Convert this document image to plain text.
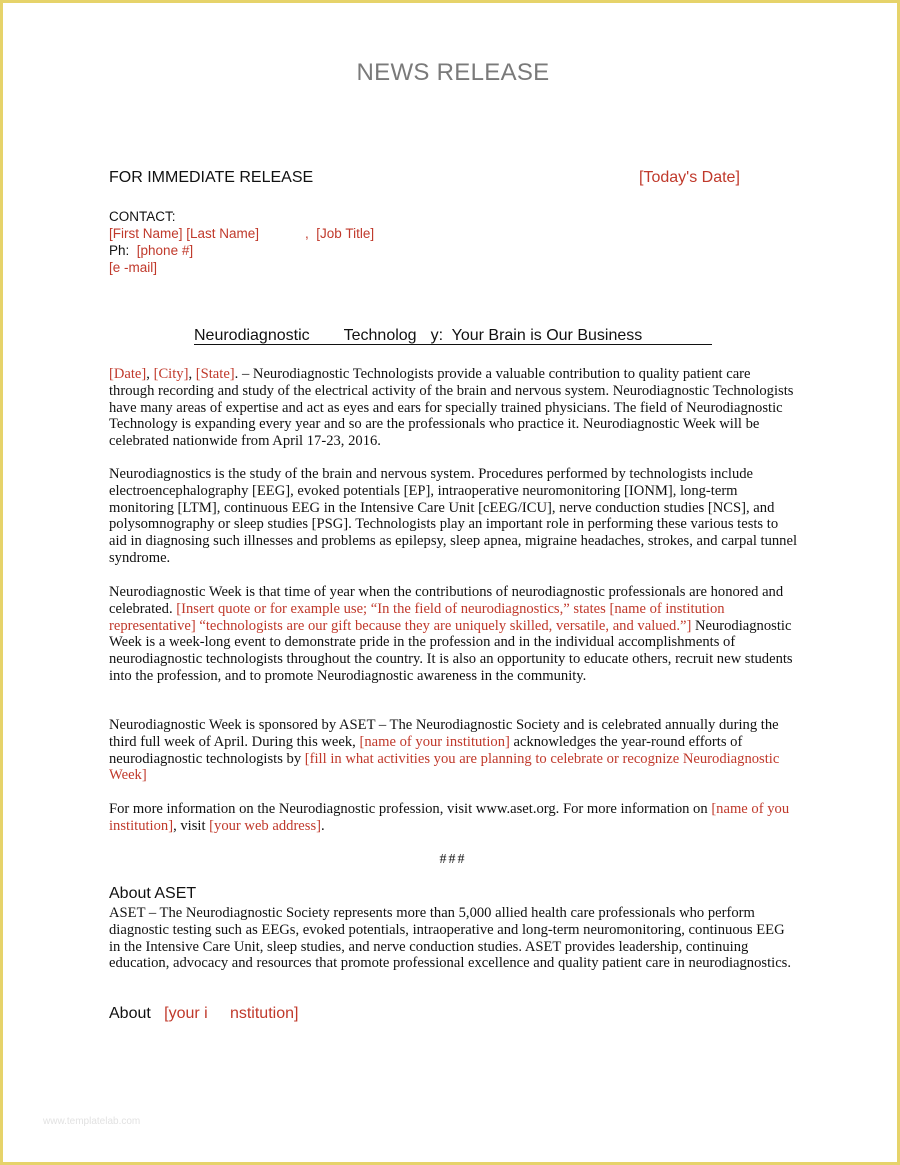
NEWS RELEASE
FOR IMMEDIATE RELEASE	[Today's Date]
CONTACT:
[First Name] [Last Name]	,  [Job Title]
Ph: [phone #]
[e -mail]
Neurodiagnostic Technolog y:  Your Brain is Our Business
[Date], [City], [State]. – Neurodiagnostic Technologists provide a valuable contribution to quality patient care through recording and study of the electrical activity of the brain and nervous system. Neurodiagnostic Technologists have many areas of expertise and act as eyes and ears for specially trained physicians. The field of Neurodiagnostic Technology is expanding every year and so are the professionals who practice it. Neurodiagnostic Week will be celebrated nationwide from April 17-23, 2016.
Neurodiagnostics is the study of the brain and nervous system. Procedures performed by technologists include electroencephalography [EEG], evoked potentials [EP], intraoperative neuromonitoring [IONM], long-term monitoring [LTM], continuous EEG in the Intensive Care Unit [cEEG/ICU], nerve conduction studies [NCS], and polysomnography or sleep studies [PSG]. Technologists play an important role in performing these various tests to aid in diagnosing such illnesses and problems as epilepsy, sleep apnea, migraine headaches, strokes, and carpal tunnel syndrome.
Neurodiagnostic Week is that time of year when the contributions of neurodiagnostic professionals are honored and celebrated. [Insert quote or for example use; “In the field of neurodiagnostics,” states [name of institution representative] “technologists are our gift because they are uniquely skilled, versatile, and valued.”] Neurodiagnostic Week is a week-long event to demonstrate pride in the profession and in the individual accomplishments of neurodiagnostic technologists throughout the country. It is also an opportunity to educate others, recruit new students into the profession, and to promote Neurodiagnostic awareness in the community.
Neurodiagnostic Week is sponsored by ASET – The Neurodiagnostic Society and is celebrated annually during the third full week of April. During this week, [name of your institution] acknowledges the year-round efforts of neurodiagnostic technologists by [fill in what activities you are planning to celebrate or recognize Neurodiagnostic Week]
For more information on the Neurodiagnostic profession, visit www.aset.org. For more information on [name of you institution], visit [your web address].
###
About ASET
ASET – The Neurodiagnostic Society represents more than 5,000 allied health care professionals who perform diagnostic testing such as EEGs, evoked potentials, intraoperative and long-term neuromonitoring, continuous EEG in the Intensive Care Unit, sleep studies, and nerve conduction studies. ASET provides leadership, continuing education, advocacy and resources that promote professional excellence and quality patient care in neurodiagnostics.
About [your i     nstitution]
www.templatelab.com
